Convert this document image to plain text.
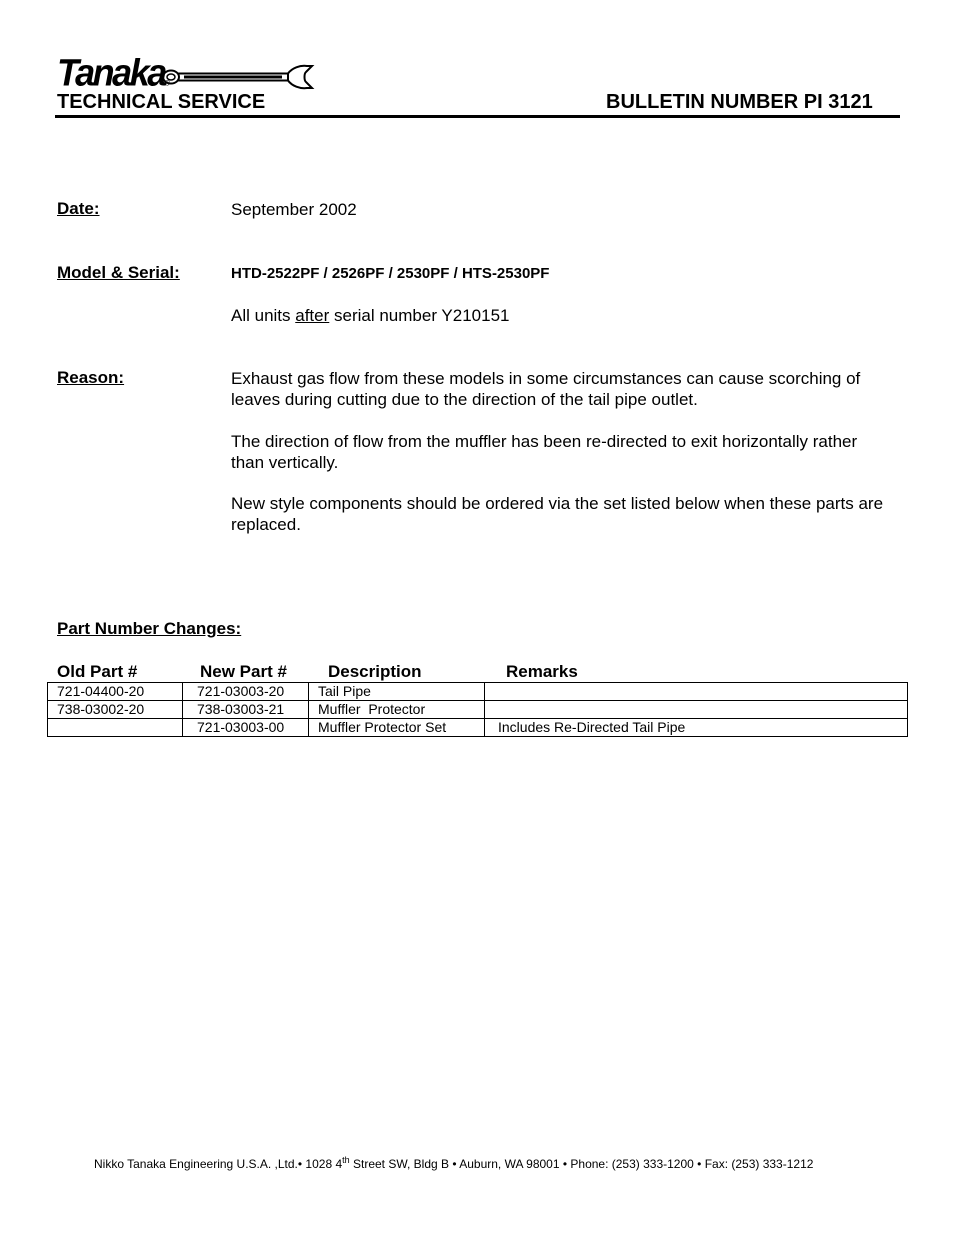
Tanaka®
TECHNICAL SERVICE	BULLETIN NUMBER PI 3121
Date:	September 2002
Model & Serial:	HTD-2522PF / 2526PF / 2530PF / HTS-2530PF
All units after serial number Y210151
Reason:	Exhaust gas flow from these models in some circumstances can cause scorching of leaves during cutting due to the direction of the tail pipe outlet.
The direction of flow from the muffler has been re-directed to exit horizontally rather than vertically.
New style components should be ordered via the set listed below when these parts are replaced.
Part Number Changes:
Old Part #	New Part # Description	Remarks
721-04400-20	721-03003-20	Tail Pipe	
738-03002-20	738-03003-21	Muffler  Protector	
	721-03003-00	Muffler Protector Set	Includes Re-Directed Tail Pipe
Nikko Tanaka Engineering U.S.A. ,Ltd.• 1028 4th Street SW, Bldg B • Auburn, WA 98001 • Phone: (253) 333-1200 • Fax: (253) 333-1212
